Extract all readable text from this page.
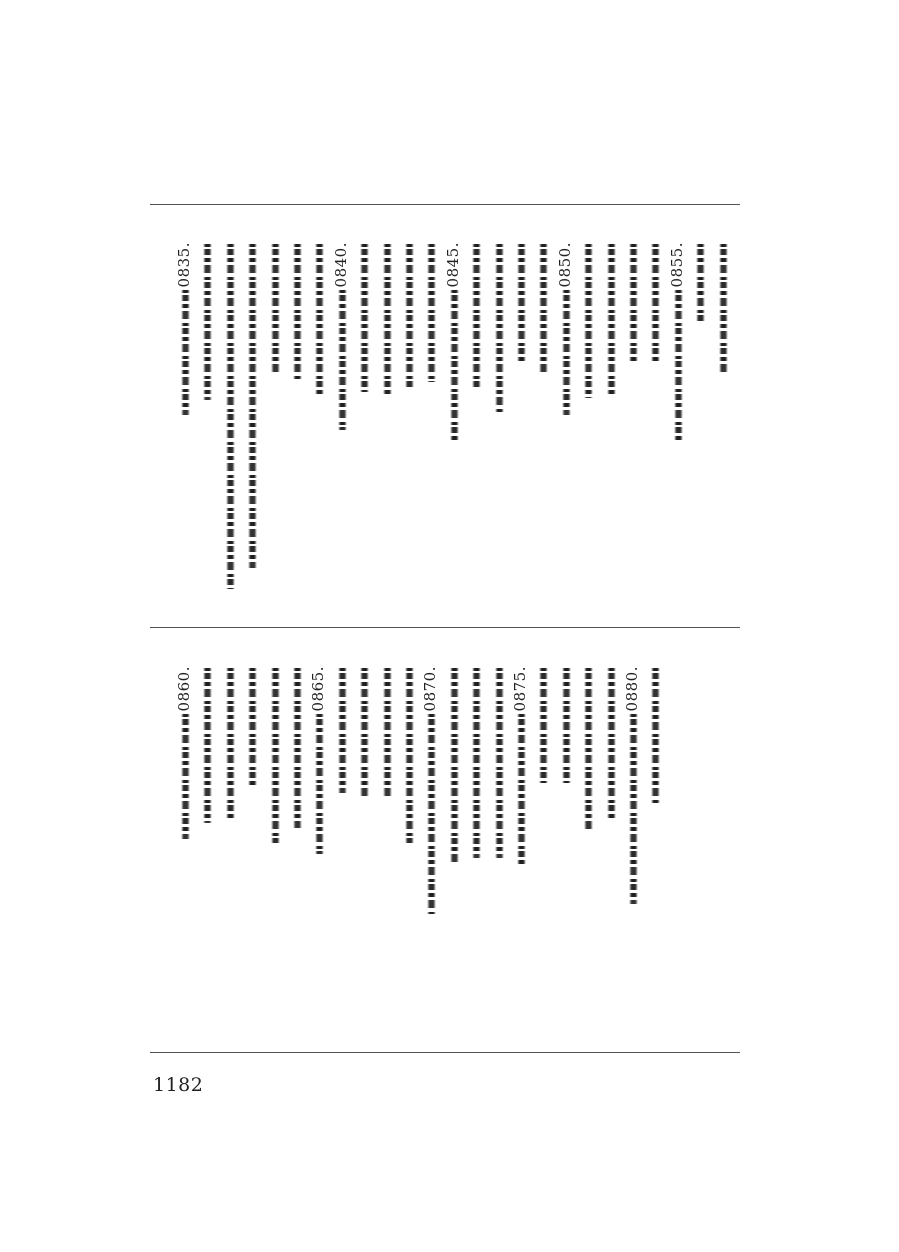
0835.	0840.	0845.	0850.	0855.
0860.	0865.	0870.	0875.	0880.
1182
